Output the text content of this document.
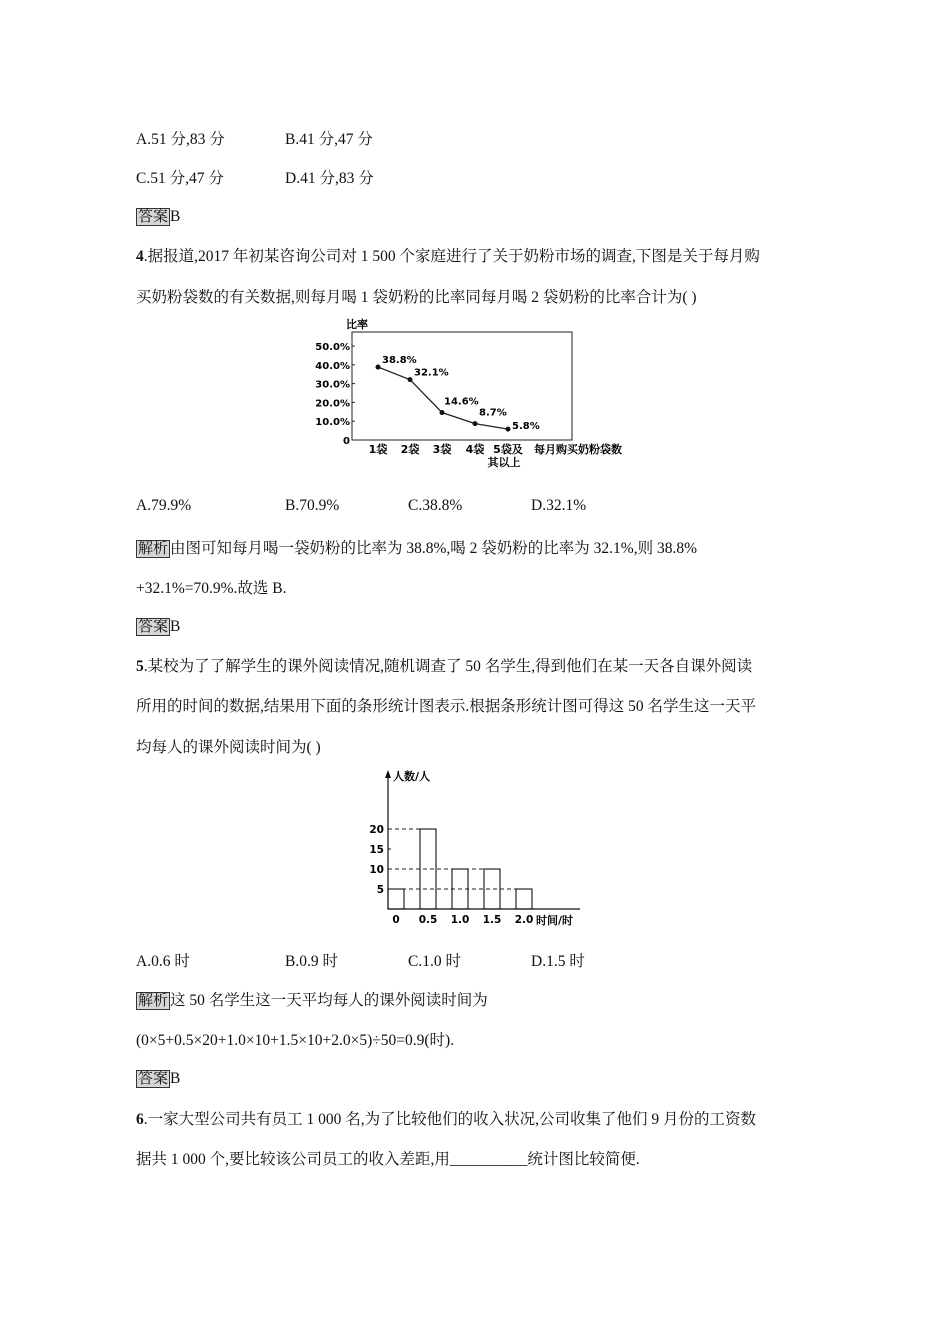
A.51 分,83 分	B.41 分,47 分
C.51 分,47 分	D.41 分,83 分
答案 B
4.据报道,2017 年初某咨询公司对 1 500 个家庭进行了关于奶粉市场的调查,下图是关于每月购
买奶粉袋数的有关数据,则每月喝 1 袋奶粉的比率同每月喝 2 袋奶粉的比率合计为( )
比率
50.0%
40.0%
30.0%
20.0%
10.0%
0
38.8%
32.1%
14.6%
8.7%
5.8%
1袋 2袋 3袋 4袋 5袋及
其以上
每月购买奶粉袋数
A.79.9%	B.70.9%	C.38.8%	D.32.1%
解析 由图可知每月喝一袋奶粉的比率为 38.8%,喝 2 袋奶粉的比率为 32.1%,则 38.8%
+32.1%=70.9%.故选 B.
答案 B
5.某校为了了解学生的课外阅读情况,随机调查了 50 名学生,得到他们在某一天各自课外阅读
所用的时间的数据,结果用下面的条形统计图表示.根据条形统计图可得这 50 名学生这一天平
均每人的课外阅读时间为( )
人数/人
20
15
10
5
0 0.5 1.0 1.5 2.0 时间/时
A.0.6 时	B.0.9 时	C.1.0 时	D.1.5 时
解析 这 50 名学生这一天平均每人的课外阅读时间为
(0×5+0.5×20+1.0×10+1.5×10+2.0×5)÷50=0.9(时).
答案 B
6.一家大型公司共有员工 1 000 名,为了比较他们的收入状况,公司收集了他们 9 月份的工资数
据共 1 000 个,要比较该公司员工的收入差距,用__________统计图比较简便.
